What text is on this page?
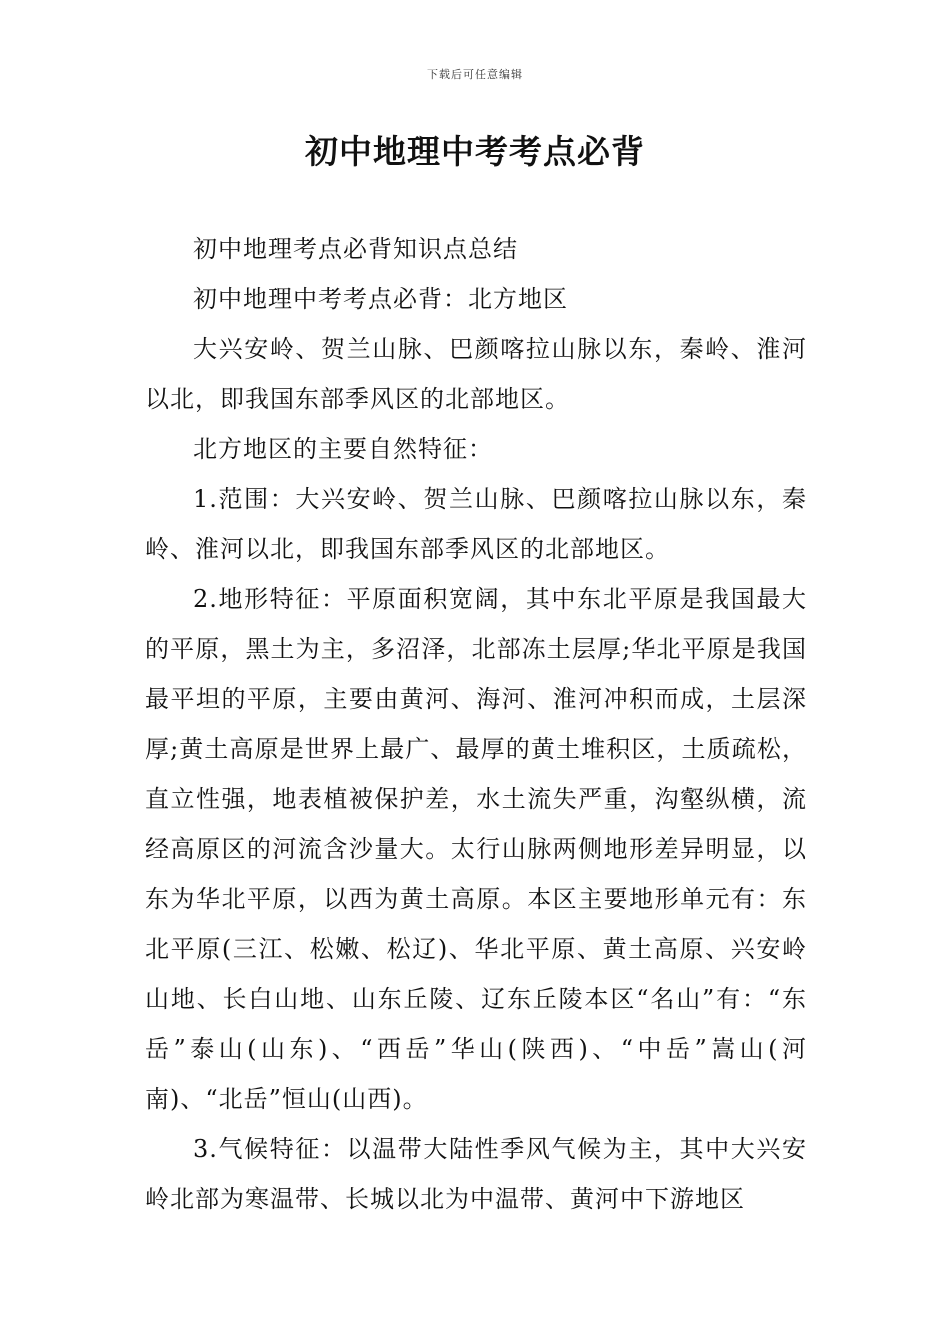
下载后可任意编辑
初中地理中考考点必背

初中地理考点必背知识点总结

初中地理中考考点必背：北方地区

大兴安岭、贺兰山脉、巴颜喀拉山脉以东，秦岭、淮河以北，即我国东部季风区的北部地区。

北方地区的主要自然特征：

1.范围：大兴安岭、贺兰山脉、巴颜喀拉山脉以东，秦岭、淮河以北，即我国东部季风区的北部地区。

2.地形特征：平原面积宽阔，其中东北平原是我国最大的平原，黑土为主，多沼泽，北部冻土层厚;华北平原是我国最平坦的平原，主要由黄河、海河、淮河冲积而成，土层深厚;黄土高原是世界上最广、最厚的黄土堆积区，土质疏松，直立性强，地表植被保护差，水土流失严重，沟壑纵横，流经高原区的河流含沙量大。太行山脉两侧地形差异明显，以东为华北平原，以西为黄土高原。本区主要地形单元有：东北平原(三江、松嫩、松辽)、华北平原、黄土高原、兴安岭山地、长白山地、山东丘陵、辽东丘陵本区“名山”有：“东岳”泰山(山东)、“西岳”华山(陕西)、“中岳”嵩山(河南)、“北岳”恒山(山西)。

3.气候特征：以温带大陆性季风气候为主，其中大兴安岭北部为寒温带、长城以北为中温带、黄河中下游地区
